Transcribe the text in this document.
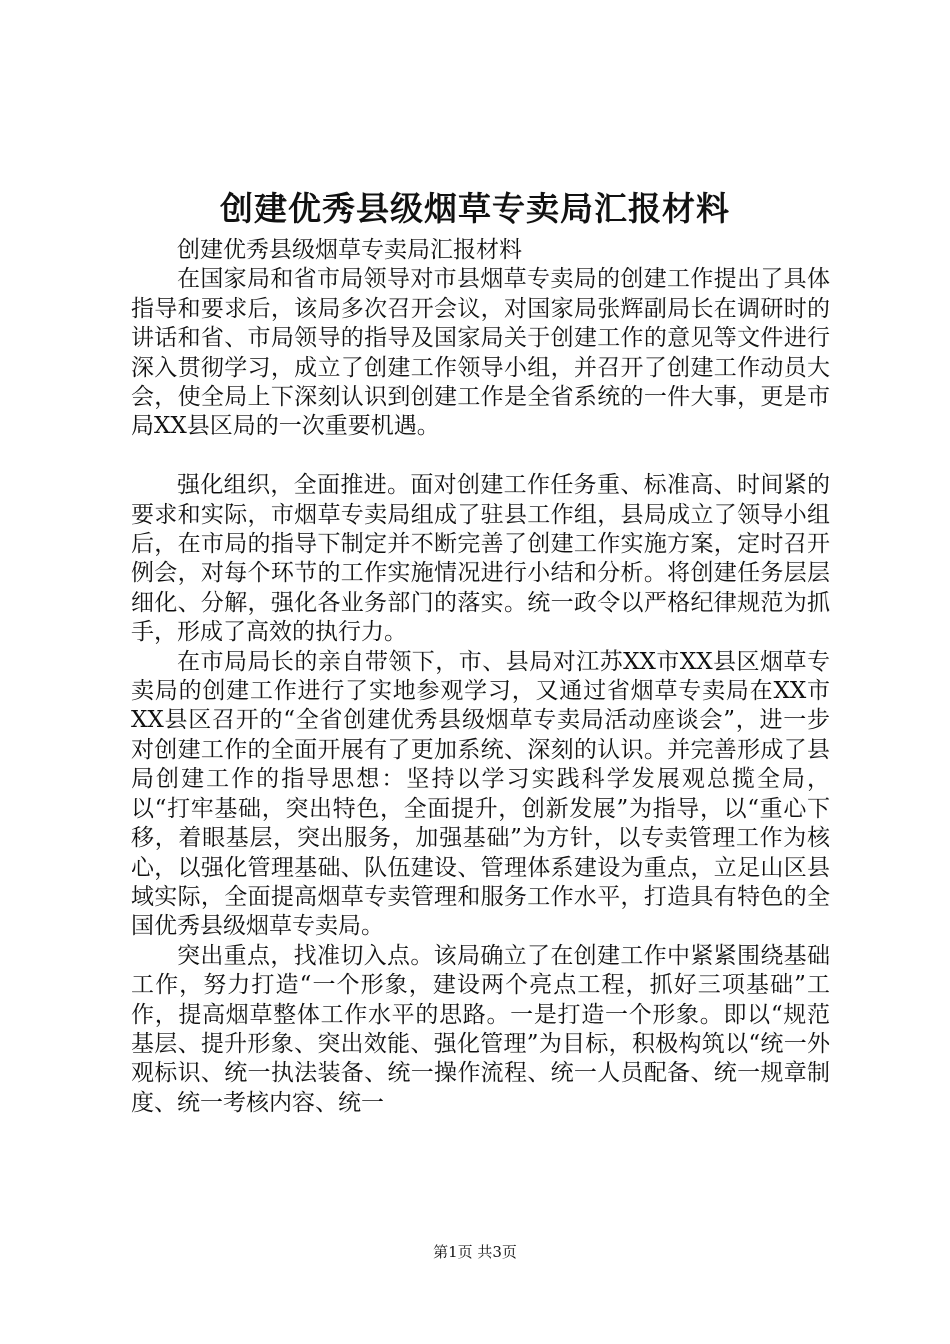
创建优秀县级烟草专卖局汇报材料

创建优秀县级烟草专卖局汇报材料

在国家局和省市局领导对市县烟草专卖局的创建工作提出了具体指导和要求后，该局多次召开会议，对国家局张辉副局长在调研时的讲话和省、市局领导的指导及国家局关于创建工作的意见等文件进行深入贯彻学习，成立了创建工作领导小组，并召开了创建工作动员大会，使全局上下深刻认识到创建工作是全省系统的一件大事，更是市局XX县区局的一次重要机遇。

强化组织，全面推进。面对创建工作任务重、标准高、时间紧的要求和实际，市烟草专卖局组成了驻县工作组，县局成立了领导小组后，在市局的指导下制定并不断完善了创建工作实施方案，定时召开例会，对每个环节的工作实施情况进行小结和分析。将创建任务层层细化、分解，强化各业务部门的落实。统一政令以严格纪律规范为抓手，形成了高效的执行力。

在市局局长的亲自带领下，市、县局对江苏XX市XX县区烟草专卖局的创建工作进行了实地参观学习，又通过省烟草专卖局在XX市XX县区召开的“全省创建优秀县级烟草专卖局活动座谈会”，进一步对创建工作的全面开展有了更加系统、深刻的认识。并完善形成了县局创建工作的指导思想：坚持以学习实践科学发展观总揽全局，以“打牢基础，突出特色，全面提升，创新发展”为指导，以“重心下移，着眼基层，突出服务，加强基础”为方针，以专卖管理工作为核心，以强化管理基础、队伍建设、管理体系建设为重点，立足山区县域实际，全面提高烟草专卖管理和服务工作水平，打造具有特色的全国优秀县级烟草专卖局。

突出重点，找准切入点。该局确立了在创建工作中紧紧围绕基础工作，努力打造“一个形象，建设两个亮点工程，抓好三项基础”工作，提高烟草整体工作水平的思路。一是打造一个形象。即以“规范基层、提升形象、突出效能、强化管理”为目标，积极构筑以“统一外观标识、统一执法装备、统一操作流程、统一人员配备、统一规章制度、统一考核内容、统一

第1页 共3页
